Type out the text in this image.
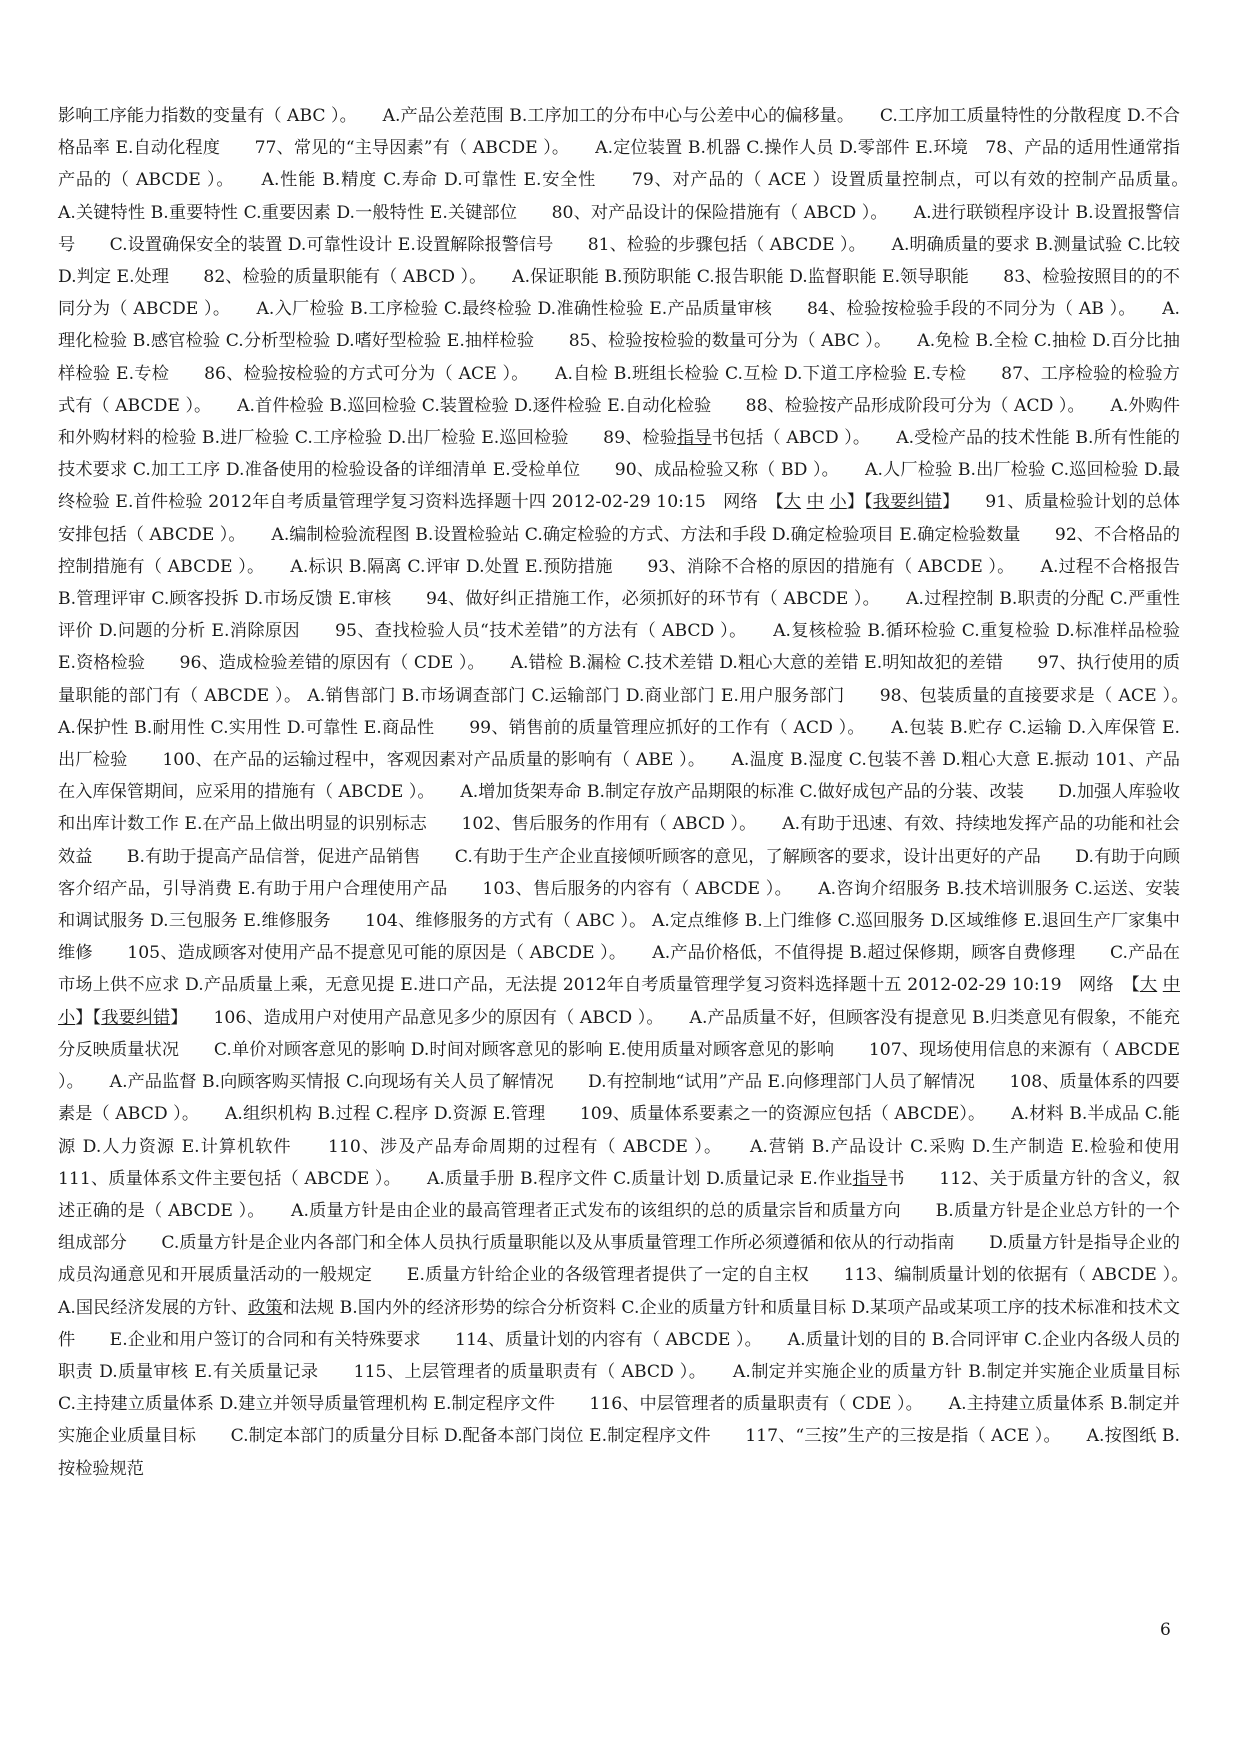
影响工序能力指数的变量有（ ABC ）。　　A.产品公差范围 B.工序加工的分布中心与公差中心的偏移量。　　C.工序加工质量特性的分散程度 D.不合格品率 E.自动化程度　　77、常见的“主导因素”有（ ABCDE ）。　　A.定位装置 B.机器 C.操作人员 D.零部件 E.环境　78、产品的适用性通常指产品的（ ABCDE ）。　　A.性能 B.精度 C.寿命 D.可靠性 E.安全性　　79、对产品的（ ACE ）设置质量控制点，可以有效的控制产品质量。　　A.关键特性 B.重要特性 C.重要因素 D.一般特性 E.关键部位　　80、对产品设计的保险措施有（ ABCD ）。　　A.进行联锁程序设计 B.设置报警信号　　C.设置确保安全的装置 D.可靠性设计 E.设置解除报警信号　　81、检验的步骤包括（ ABCDE ）。　　A.明确质量的要求 B.测量试验 C.比较 D.判定 E.处理　　82、检验的质量职能有（ ABCD ）。　　A.保证职能 B.预防职能 C.报告职能 D.监督职能 E.领导职能　　83、检验按照目的的不同分为（ ABCDE ）。　　A.入厂检验 B.工序检验 C.最终检验 D.准确性检验 E.产品质量审核　　84、检验按检验手段的不同分为（ AB ）。　　A.理化检验 B.感官检验 C.分析型检验 D.嗜好型检验 E.抽样检验　　85、检验按检验的数量可分为（ ABC ）。　　A.免检 B.全检 C.抽检 D.百分比抽样检验 E.专检　　86、检验按检验的方式可分为（ ACE ）。　　A.自检 B.班组长检验 C.互检 D.下道工序检验 E.专检　　87、工序检验的检验方式有（ ABCDE ）。　　A.首件检验 B.巡回检验 C.装置检验 D.逐件检验 E.自动化检验　　88、检验按产品形成阶段可分为（ ACD ）。　　A.外购件和外购材料的检验 B.进厂检验 C.工序检验 D.出厂检验 E.巡回检验　　89、检验指导书包括（ ABCD ）。　　A.受检产品的技术性能 B.所有性能的技术要求 C.加工工序 D.准备使用的检验设备的详细清单 E.受检单位　　90、成品检验又称（ BD ）。　　A.人厂检验 B.出厂检验 C.巡回检验 D.最终检验 E.首件检验 2012年自考质量管理学复习资料选择题十四 2012-02-29 10:15　网络　【大 中 小】【我要纠错】　　91、质量检验计划的总体安排包括（ ABCDE ）。　　A.编制检验流程图 B.设置检验站 C.确定检验的方式、方法和手段 D.确定检验项目 E.确定检验数量　　92、不合格品的控制措施有（ ABCDE ）。　　A.标识 B.隔离 C.评审 D.处置 E.预防措施　　93、消除不合格的原因的措施有（ ABCDE ）。　　A.过程不合格报告 B.管理评审 C.顾客投拆 D.市场反馈 E.审核　　94、做好纠正措施工作，必须抓好的环节有（ ABCDE ）。　　A.过程控制 B.职责的分配 C.严重性评价 D.问题的分析 E.消除原因　　95、查找检验人员“技术差错”的方法有（ ABCD ）。　　A.复核检验 B.循环检验 C.重复检验 D.标准样品检验 E.资格检验　　96、造成检验差错的原因有（ CDE ）。　　A.错检 B.漏检 C.技术差错 D.粗心大意的差错 E.明知故犯的差错　　97、执行使用的质量职能的部门有（ ABCDE ）。 A.销售部门 B.市场调查部门 C.运输部门 D.商业部门 E.用户服务部门　　98、包装质量的直接要求是（ ACE ）。　　A.保护性 B.耐用性 C.实用性 D.可靠性 E.商品性　　99、销售前的质量管理应抓好的工作有（ ACD ）。　　A.包装 B.贮存 C.运输 D.入库保管 E.出厂检验　　100、在产品的运输过程中，客观因素对产品质量的影响有（ ABE ）。　　A.温度 B.湿度 C.包装不善 D.粗心大意 E.振动 101、产品在入库保管期间，应采用的措施有（ ABCDE ）。　　A.增加货架寿命 B.制定存放产品期限的标准 C.做好成包产品的分装、改装　　D.加强人库验收和出库计数工作 E.在产品上做出明显的识别标志　　102、售后服务的作用有（ ABCD ）。　　A.有助于迅速、有效、持续地发挥产品的功能和社会效益　　B.有助于提高产品信誉，促进产品销售　　C.有助于生产企业直接倾听顾客的意见，了解顾客的要求，设计出更好的产品　　D.有助于向顾客介绍产品，引导消费 E.有助于用户合理使用产品　　103、售后服务的内容有（ ABCDE ）。　　A.咨询介绍服务 B.技术培训服务 C.运送、安装和调试服务 D.三包服务 E.维修服务　　104、维修服务的方式有（ ABC ）。 A.定点维修 B.上门维修 C.巡回服务 D.区域维修 E.退回生产厂家集中维修　　105、造成顾客对使用产品不提意见可能的原因是（ ABCDE ）。　　A.产品价格低，不值得提 B.超过保修期，顾客自费修理　　C.产品在市场上供不应求 D.产品质量上乘，无意见提 E.进口产品，无法提 2012年自考质量管理学复习资料选择题十五 2012-02-29 10:19　网络　【大 中 小】【我要纠错】　　106、造成用户对使用产品意见多少的原因有（ ABCD ）。　　A.产品质量不好，但顾客没有提意见 B.归类意见有假象，不能充分反映质量状况　　C.单价对顾客意见的影响 D.时间对顾客意见的影响 E.使用质量对顾客意见的影响　　107、现场使用信息的来源有（ ABCDE ）。　　A.产品监督 B.向顾客购买情报 C.向现场有关人员了解情况　　D.有控制地“试用”产品 E.向修理部门人员了解情况　　108、质量体系的四要素是（ ABCD ）。　　A.组织机构 B.过程 C.程序 D.资源 E.管理　　109、质量体系要素之一的资源应包括（ ABCDE）。　　A.材料 B.半成品 C.能源 D.人力资源 E.计算机软件　　110、涉及产品寿命周期的过程有（ ABCDE ）。　　A.营销 B.产品设计 C.采购 D.生产制造 E.检验和使用　　111、质量体系文件主要包括（ ABCDE ）。　　A.质量手册 B.程序文件 C.质量计划 D.质量记录 E.作业指导书　　112、关于质量方针的含义，叙述正确的是（ ABCDE ）。　　A.质量方针是由企业的最高管理者正式发布的该组织的总的质量宗旨和质量方向　　B.质量方针是企业总方针的一个组成部分　　C.质量方针是企业内各部门和全体人员执行质量职能以及从事质量管理工作所必须遵循和依从的行动指南　　D.质量方针是指导企业的成员沟通意见和开展质量活动的一般规定　　E.质量方针给企业的各级管理者提供了一定的自主权　　113、编制质量计划的依据有（ ABCDE ）。　　A.国民经济发展的方针、政策和法规 B.国内外的经济形势的综合分析资料 C.企业的质量方针和质量目标 D.某项产品或某项工序的技术标准和技术文件　　E.企业和用户签订的合同和有关特殊要求　　114、质量计划的内容有（ ABCDE ）。　　A.质量计划的目的 B.合同评审 C.企业内各级人员的职责 D.质量审核 E.有关质量记录　　115、上层管理者的质量职责有（ ABCD ）。　　A.制定并实施企业的质量方针 B.制定并实施企业质量目标　　C.主持建立质量体系 D.建立并领导质量管理机构 E.制定程序文件　　116、中层管理者的质量职责有（ CDE ）。　　A.主持建立质量体系 B.制定并实施企业质量目标　　C.制定本部门的质量分目标 D.配备本部门岗位 E.制定程序文件　　117、“三按”生产的三按是指（ ACE ）。　　A.按图纸 B.按检验规范

6
